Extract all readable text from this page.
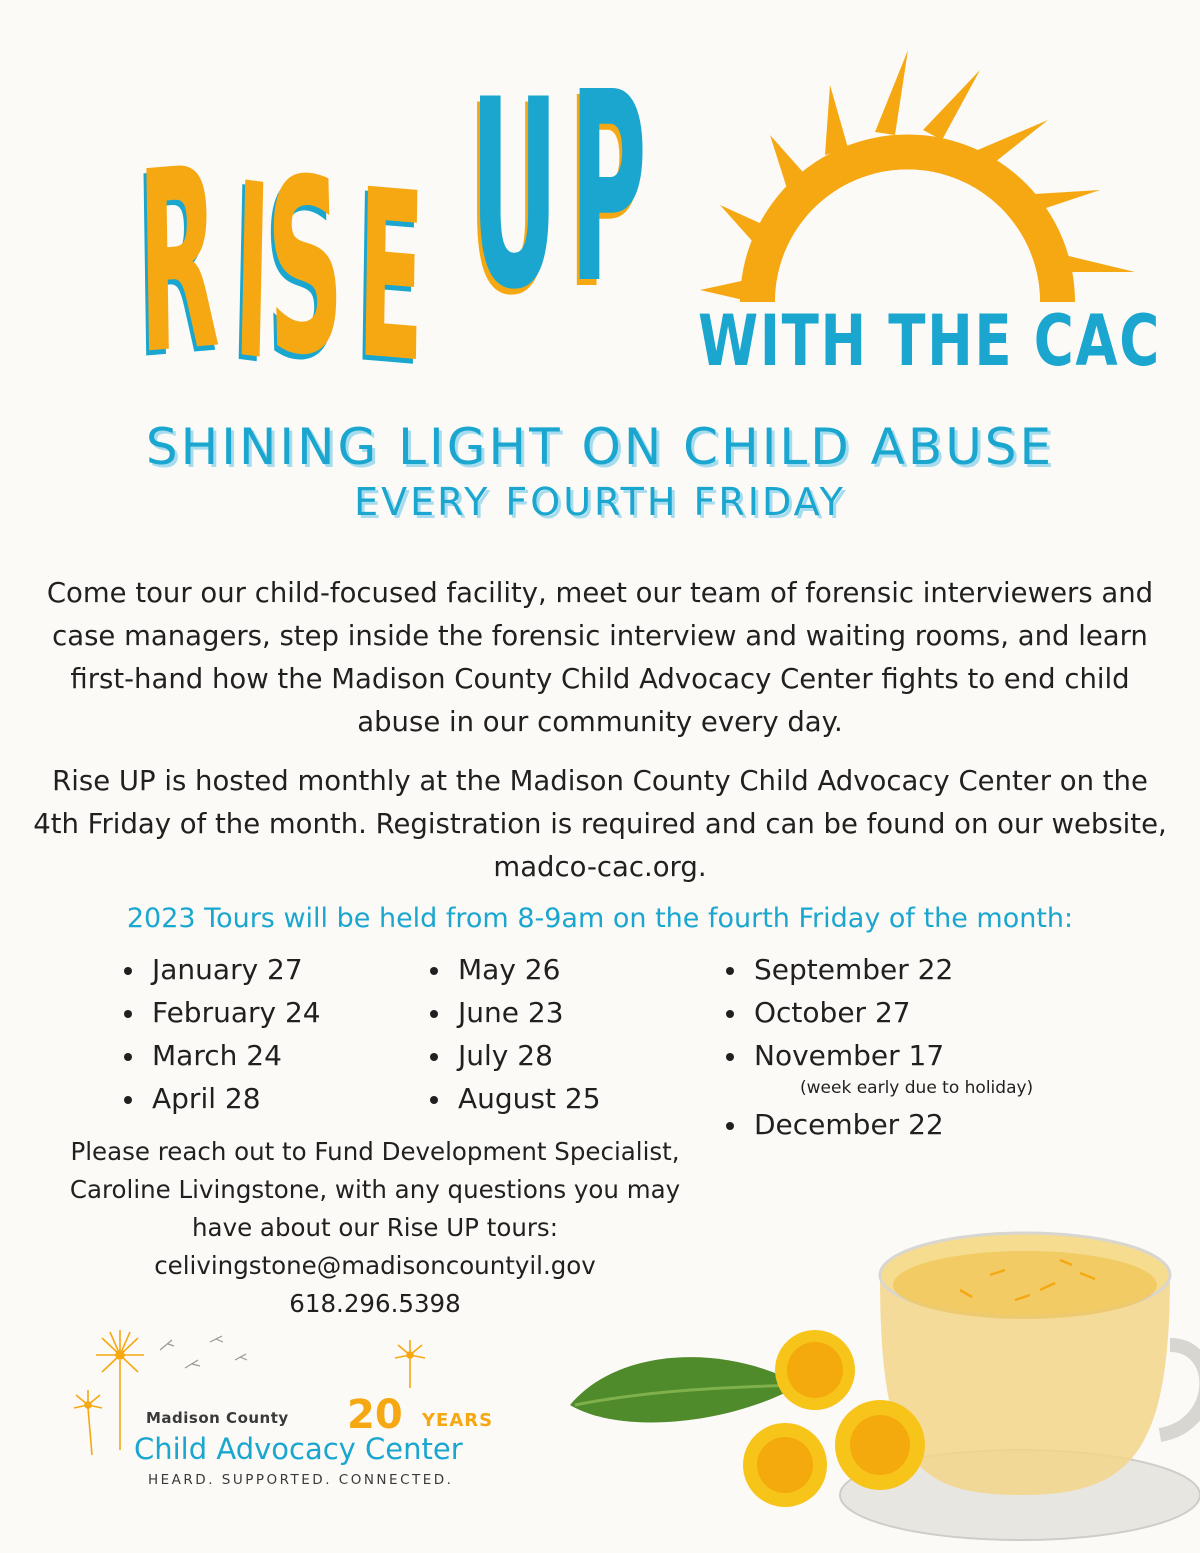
R I
S E U P WITH THE CAC
SHINING LIGHT ON CHILD ABUSE
EVERY FOURTH FRIDAY

Come tour our child-focused facility, meet our team of forensic interviewers and case managers, step inside the forensic interview and waiting rooms, and learn first-hand how the Madison County Child Advocacy Center fights to end child abuse in our community every day.

Rise UP is hosted monthly at the Madison County Child Advocacy Center on the 4th Friday of the month. Registration is required and can be found on our website, madco-cac.org.

2023 Tours will be held from 8-9am on the fourth Friday of the month:
January 27
February 24
March 24
April 28
May 26
June 23
July 28
August 25
September 22
October 27
November 17
(week early due to holiday)
December 22
Please reach out to Fund Development Specialist,
Caroline Livingstone, with any questions you may
have about our Rise UP tours:
celivingstone@madisoncountyil.gov
618.296.5398
Madison County 20 YEARS
Child Advocacy Center
HEARD. SUPPORTED. CONNECTED.
